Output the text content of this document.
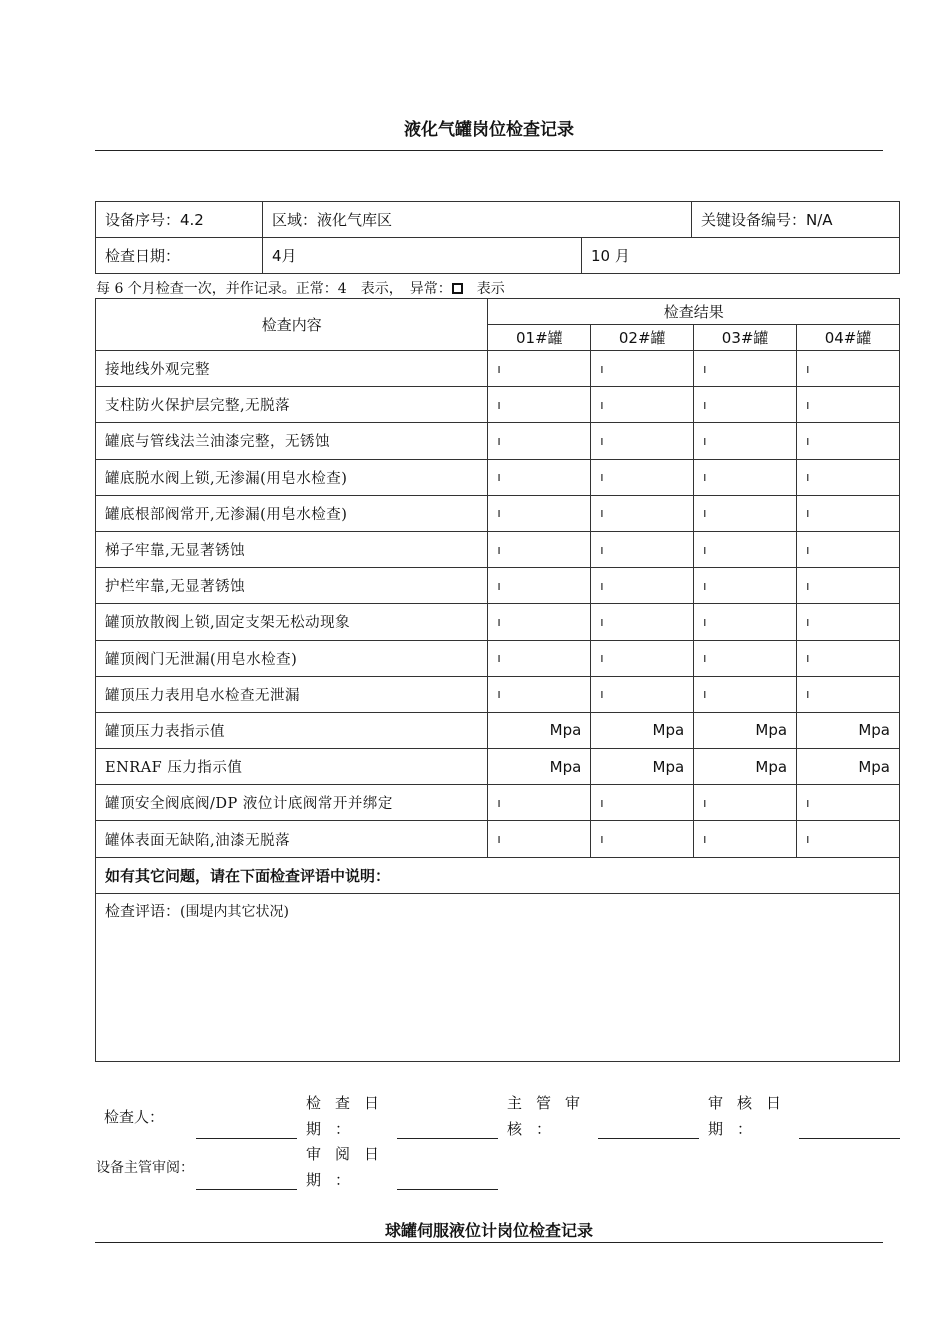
液化气罐岗位检查记录
设备序号：4.2	区域：液化气库区		关键设备编号：N/A
检查日期：	4月	10 月	
每 6 个月检查一次，并作记录。正常：4　表示，　异常：　表示
检查内容	检查结果			
	01#罐	02#罐	03#罐	04#罐
接地线外观完整	ı	ı	ı	ı
支柱防火保护层完整,无脱落	ı	ı	ı	ı
罐底与管线法兰油漆完整，无锈蚀	ı	ı	ı	ı
罐底脱水阀上锁,无渗漏(用皂水检查)	ı	ı	ı	ı
罐底根部阀常开,无渗漏(用皂水检查)	ı	ı	ı	ı
梯子牢靠,无显著锈蚀	ı	ı	ı	ı
护栏牢靠,无显著锈蚀	ı	ı	ı	ı
罐顶放散阀上锁,固定支架无松动现象	ı	ı	ı	ı
罐顶阀门无泄漏(用皂水检查)	ı	ı	ı	ı
罐顶压力表用皂水检查无泄漏	ı	ı	ı	ı
罐顶压力表指示值	Mpa	Mpa	Mpa	Mpa
ENRAF 压力指示值	Mpa	Mpa	Mpa	Mpa
罐顶安全阀底阀/DP 液位计底阀常开并绑定	ı	ı	ı	ı
罐体表面无缺陷,油漆无脱落	ı	ı	ı	ı
如有其它问题，请在下面检查评语中说明：				
检查评语：(围堤内其它状况)				
检查人：
检查日
期：
主管审
核：
审核日
期：
设备主管审阅：
审阅日
期：
球罐伺服液位计岗位检查记录
